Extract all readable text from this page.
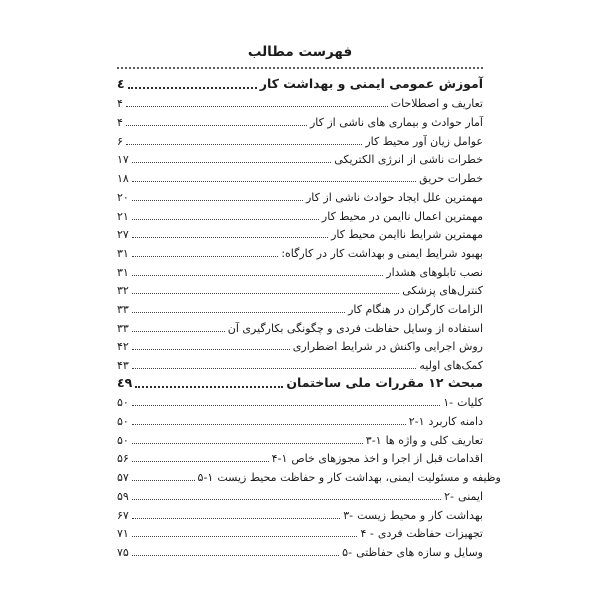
فهرست مطالب
٤	آموزش عمومی ایمنی و بهداشت کار
۴	تعاریف و اصطلاحات
۴	آمار حوادث و بیماری های ناشی از کار
۶	عوامل زیان آور محیط کار
۱۷	خطرات ناشی از انرژی الکتریکی
۱۸	خطرات حریق
۲۰	مهمترین علل ایجاد حوادث ناشی از کار
۲۱	مهمترین اعمال ناایمن در محیط کار
۲۷	مهمترین شرایط ناایمن محیط کار
۳۱	بهبود شرایط ایمنی و بهداشت کار در کارگاه:
۳۱	نصب تابلوهای هشدار
۳۲	کنترل‌های پزشکی
۳۳	الزامات کارگران در هنگام کار
۳۳	استفاده از وسایل حفاظت فردی و چگونگی بکارگیری آن
۴۲	روش اجرایی واکنش در شرایط اضطراری
۴۳	کمک‌های اولیه
٤٩	مبحث ۱۲ مقررات ملی ساختمان
۵۰	۱- کلیات
۵۰	۲-۱ دامنه کاربرد
۵۰	۳-۱ تعاریف کلی و واژه ها
۵۶	۴-۱ اقدامات قبل از اجرا و اخذ مجوزهای خاص
۵۷	۵-۱ وظیفه و مسئولیت ایمنی، بهداشت کار و حفاظت محیط زیست
۵۹	۲- ایمنی
۶۷	۳- بهداشت کار و محیط زیست
۷۱	۴ - تجهیزات حفاظت فردی
۷۵	۵- وسایل و سازه های حفاظتی
